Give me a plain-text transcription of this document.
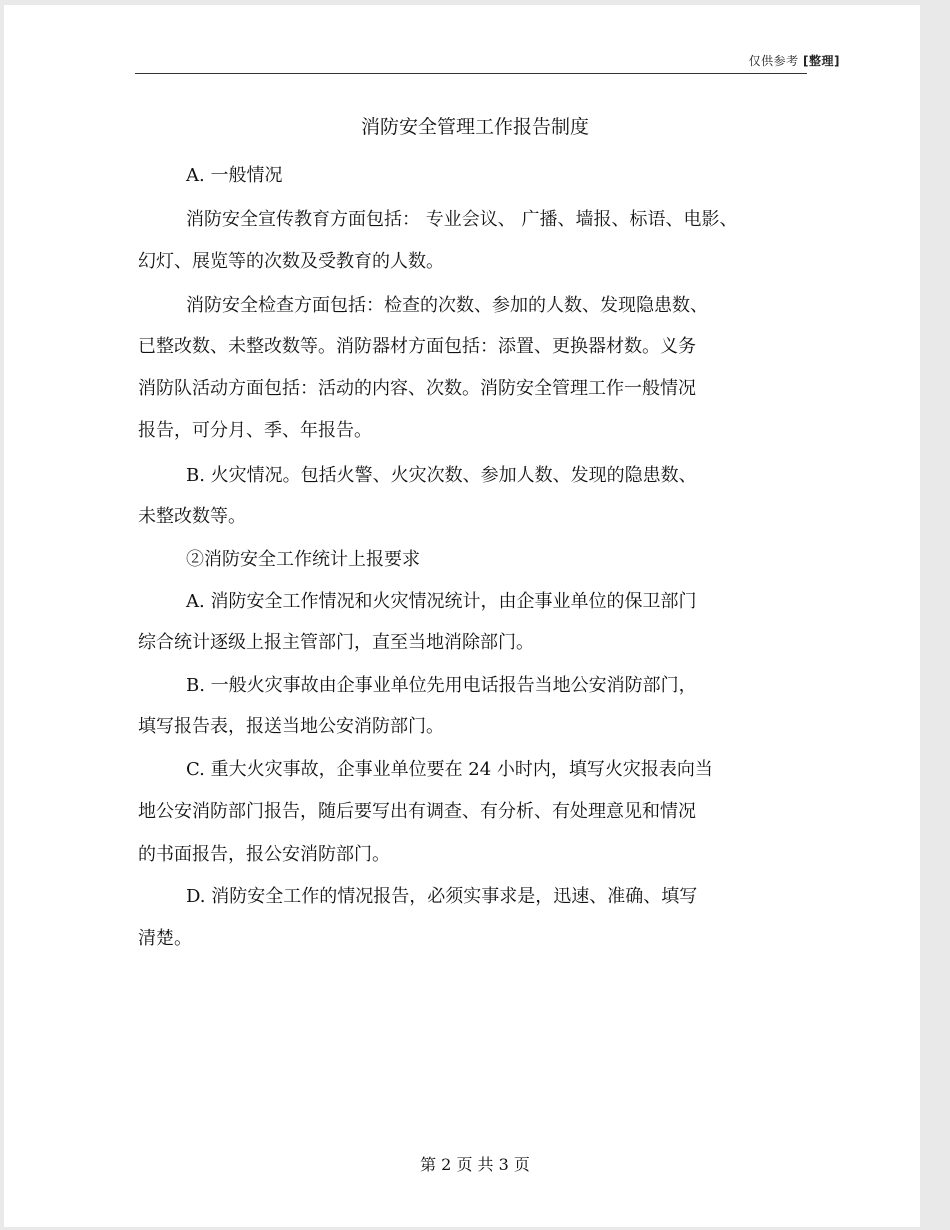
仅供参考 [整理]
消防安全管理工作报告制度
A. 一般情况
消防安全宣传教育方面包括： 专业会议、 广播、墙报、标语、电影、
幻灯、展览等的次数及受教育的人数。
消防安全检查方面包括：检查的次数、参加的人数、发现隐患数、
已整改数、未整改数等。消防器材方面包括：添置、更换器材数。义务
消防队活动方面包括：活动的内容、次数。消防安全管理工作一般情况
报告，可分月、季、年报告。
B. 火灾情况。包括火警、火灾次数、参加人数、发现的隐患数、
未整改数等。
②消防安全工作统计上报要求
A. 消防安全工作情况和火灾情况统计，由企事业单位的保卫部门
综合统计逐级上报主管部门，直至当地消除部门。
B. 一般火灾事故由企事业单位先用电话报告当地公安消防部门，
填写报告表，报送当地公安消防部门。
C. 重大火灾事故，企事业单位要在 24 小时内，填写火灾报表向当
地公安消防部门报告，随后要写出有调查、有分析、有处理意见和情况
的书面报告，报公安消防部门。
D. 消防安全工作的情况报告，必须实事求是，迅速、准确、填写
清楚。
第 2 页 共 3 页
